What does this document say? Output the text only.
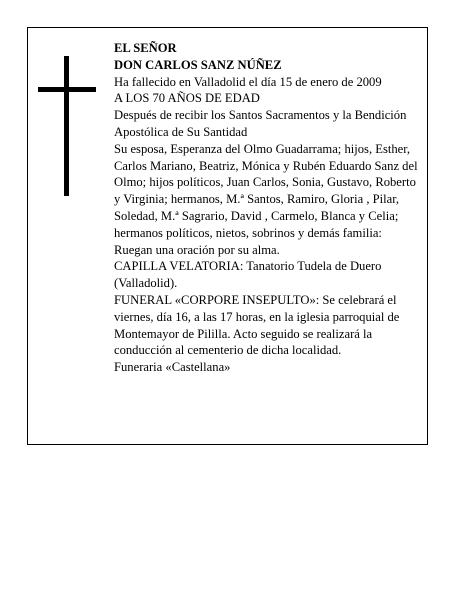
EL SEÑOR

DON CARLOS SANZ NÚÑEZ

Ha fallecido en Valladolid el día 15 de enero de 2009

A LOS 70 AÑOS DE EDAD

Después de recibir los Santos Sacramentos y la Bendición Apostólica de Su Santidad

Su esposa, Esperanza del Olmo Guadarrama; hijos, Esther, Carlos Mariano, Beatriz, Mónica y Rubén Eduardo Sanz del Olmo; hijos políticos, Juan Carlos, Sonia, Gustavo, Roberto y Virginia; hermanos, M.ª Santos, Ramiro, Gloria , Pilar, Soledad, M.ª Sagrario, David , Carmelo, Blanca y Celia; hermanos políticos, nietos, sobrinos y demás familia:

Ruegan una oración por su alma.

CAPILLA VELATORIA: Tanatorio Tudela de Duero (Valladolid).

FUNERAL «CORPORE INSEPULTO»: Se celebrará el viernes, día 16, a las 17 horas, en la iglesia parroquial de Montemayor de Pililla. Acto seguido se realizará la conducción al cementerio de dicha localidad.

Funeraria «Castellana»
